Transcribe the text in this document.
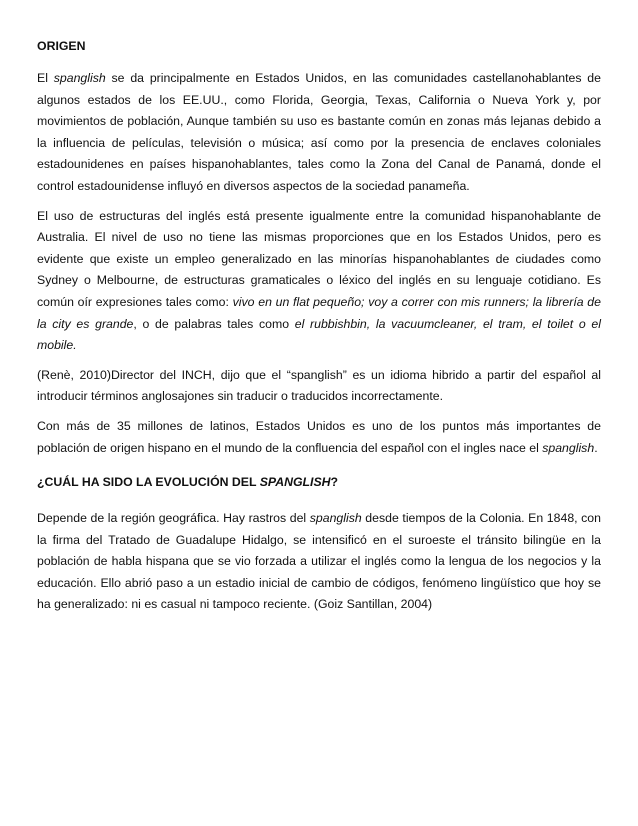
ORIGEN

El spanglish se da principalmente en Estados Unidos, en las comunidades castellanohablantes de algunos estados de los EE.UU., como Florida, Georgia, Texas, California o Nueva York y, por movimientos de población, Aunque también su uso es bastante común en zonas más lejanas debido a la influencia de películas, televisión o música; así como por la presencia de enclaves coloniales estadounidenes en países hispanohablantes, tales como la Zona del Canal de Panamá, donde el control estadounidense influyó en diversos aspectos de la sociedad panameña.

El uso de estructuras del inglés está presente igualmente entre la comunidad hispanohablante de Australia. El nivel de uso no tiene las mismas proporciones que en los Estados Unidos, pero es evidente que existe un empleo generalizado en las minorías hispanohablantes de ciudades como Sydney o Melbourne, de estructuras gramaticales o léxico del inglés en su lenguaje cotidiano. Es común oír expresiones tales como: vivo en un flat pequeño; voy a correr con mis runners; la librería de la city es grande, o de palabras tales como el rubbishbin, la vacuumcleaner, el tram, el toilet o el mobile.

(Renè, 2010)Director del INCH, dijo que el “spanglish” es un idioma hibrido a partir del español al introducir términos anglosajones sin traducir o traducidos incorrectamente.

Con más de 35 millones de latinos, Estados Unidos es uno de los puntos más importantes de población de origen hispano en el mundo de la confluencia del español con el ingles nace el spanglish.

¿CUÁL HA SIDO LA EVOLUCIÓN DEL SPANGLISH?

Depende de la región geográfica. Hay rastros del spanglish desde tiempos de la Colonia. En 1848, con la firma del Tratado de Guadalupe Hidalgo, se intensificó en el suroeste el tránsito bilingüe en la población de habla hispana que se vio forzada a utilizar el inglés como la lengua de los negocios y la educación. Ello abrió paso a un estadio inicial de cambio de códigos, fenómeno lingüístico que hoy se ha generalizado: ni es casual ni tampoco reciente. (Goiz Santillan, 2004)
